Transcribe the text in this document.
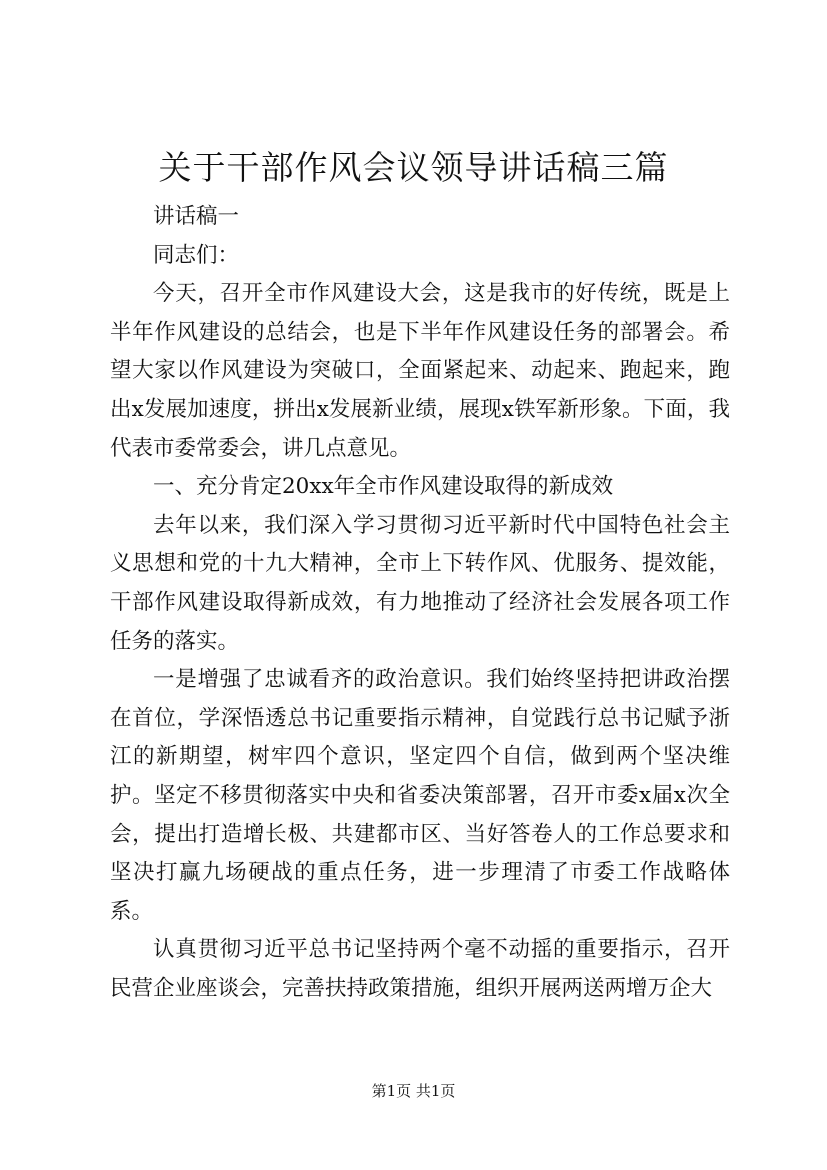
关于干部作风会议领导讲话稿三篇

讲话稿一

同志们：

今天，召开全市作风建设大会，这是我市的好传统，既是上半年作风建设的总结会，也是下半年作风建设任务的部署会。希望大家以作风建设为突破口，全面紧起来、动起来、跑起来，跑出x发展加速度，拼出x发展新业绩，展现x铁军新形象。下面，我代表市委常委会，讲几点意见。

一、充分肯定20xx年全市作风建设取得的新成效

去年以来，我们深入学习贯彻习近平新时代中国特色社会主义思想和党的十九大精神，全市上下转作风、优服务、提效能，干部作风建设取得新成效，有力地推动了经济社会发展各项工作任务的落实。

一是增强了忠诚看齐的政治意识。我们始终坚持把讲政治摆在首位，学深悟透总书记重要指示精神，自觉践行总书记赋予浙江的新期望，树牢四个意识，坚定四个自信，做到两个坚决维护。坚定不移贯彻落实中央和省委决策部署，召开市委x届x次全会，提出打造增长极、共建都市区、当好答卷人的工作总要求和坚决打赢九场硬战的重点任务，进一步理清了市委工作战略体系。

认真贯彻习近平总书记坚持两个毫不动摇的重要指示，召开民营企业座谈会，完善扶持政策措施，组织开展两送两增万企大

第1页 共1页
